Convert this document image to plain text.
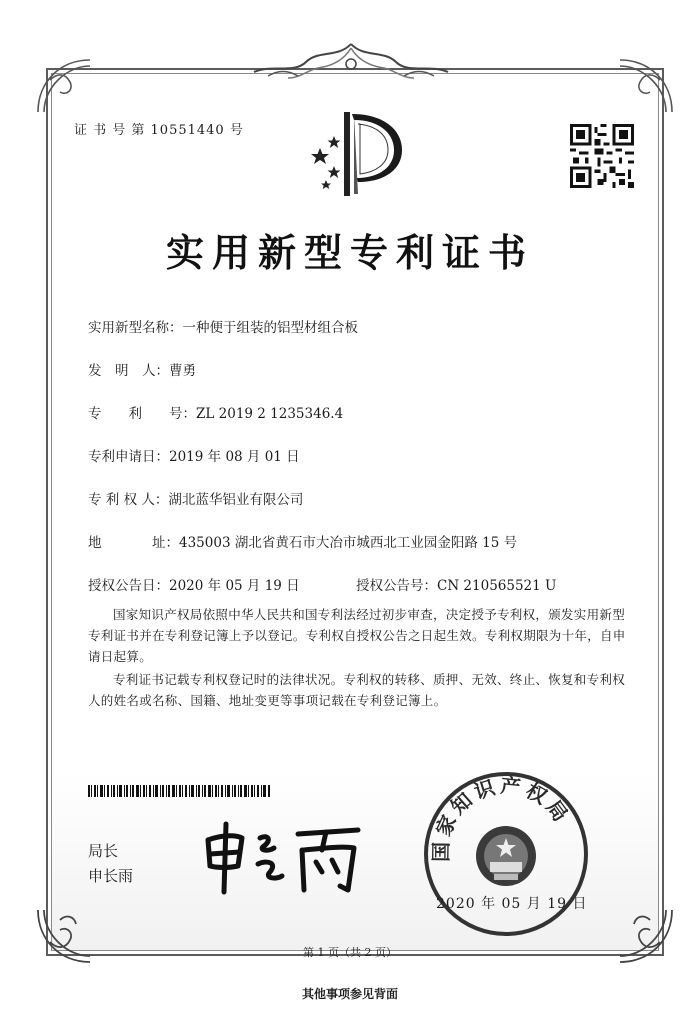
证 书 号 第 10551440 号
实用新型专利证书
实用新型名称：一种便于组装的铝型材组合板
发　明　人：曹勇
专　　利　　号：ZL 2019 2 1235346.4
专利申请日：2019 年 08 月 01 日
专 利 权 人：湖北蓝华铝业有限公司
地	址：435003 湖北省黄石市大冶市城西北工业园金阳路 15 号
授权公告日：2020 年 05 月 19 日	授权公告号：CN 210565521 U
国家知识产权局依照中华人民共和国专利法经过初步审查，决定授予专利权，颁发实用新型专利证书并在专利登记簿上予以登记。专利权自授权公告之日起生效。专利权期限为十年，自申请日起算。
专利证书记载专利权登记时的法律状况。专利权的转移、质押、无效、终止、恢复和专利权人的姓名或名称、国籍、地址变更等事项记载在专利登记簿上。
局长
申长雨
国家知识产权局
2020 年 05 月 19 日
第 1 页（共 2 页）
其他事项参见背面
